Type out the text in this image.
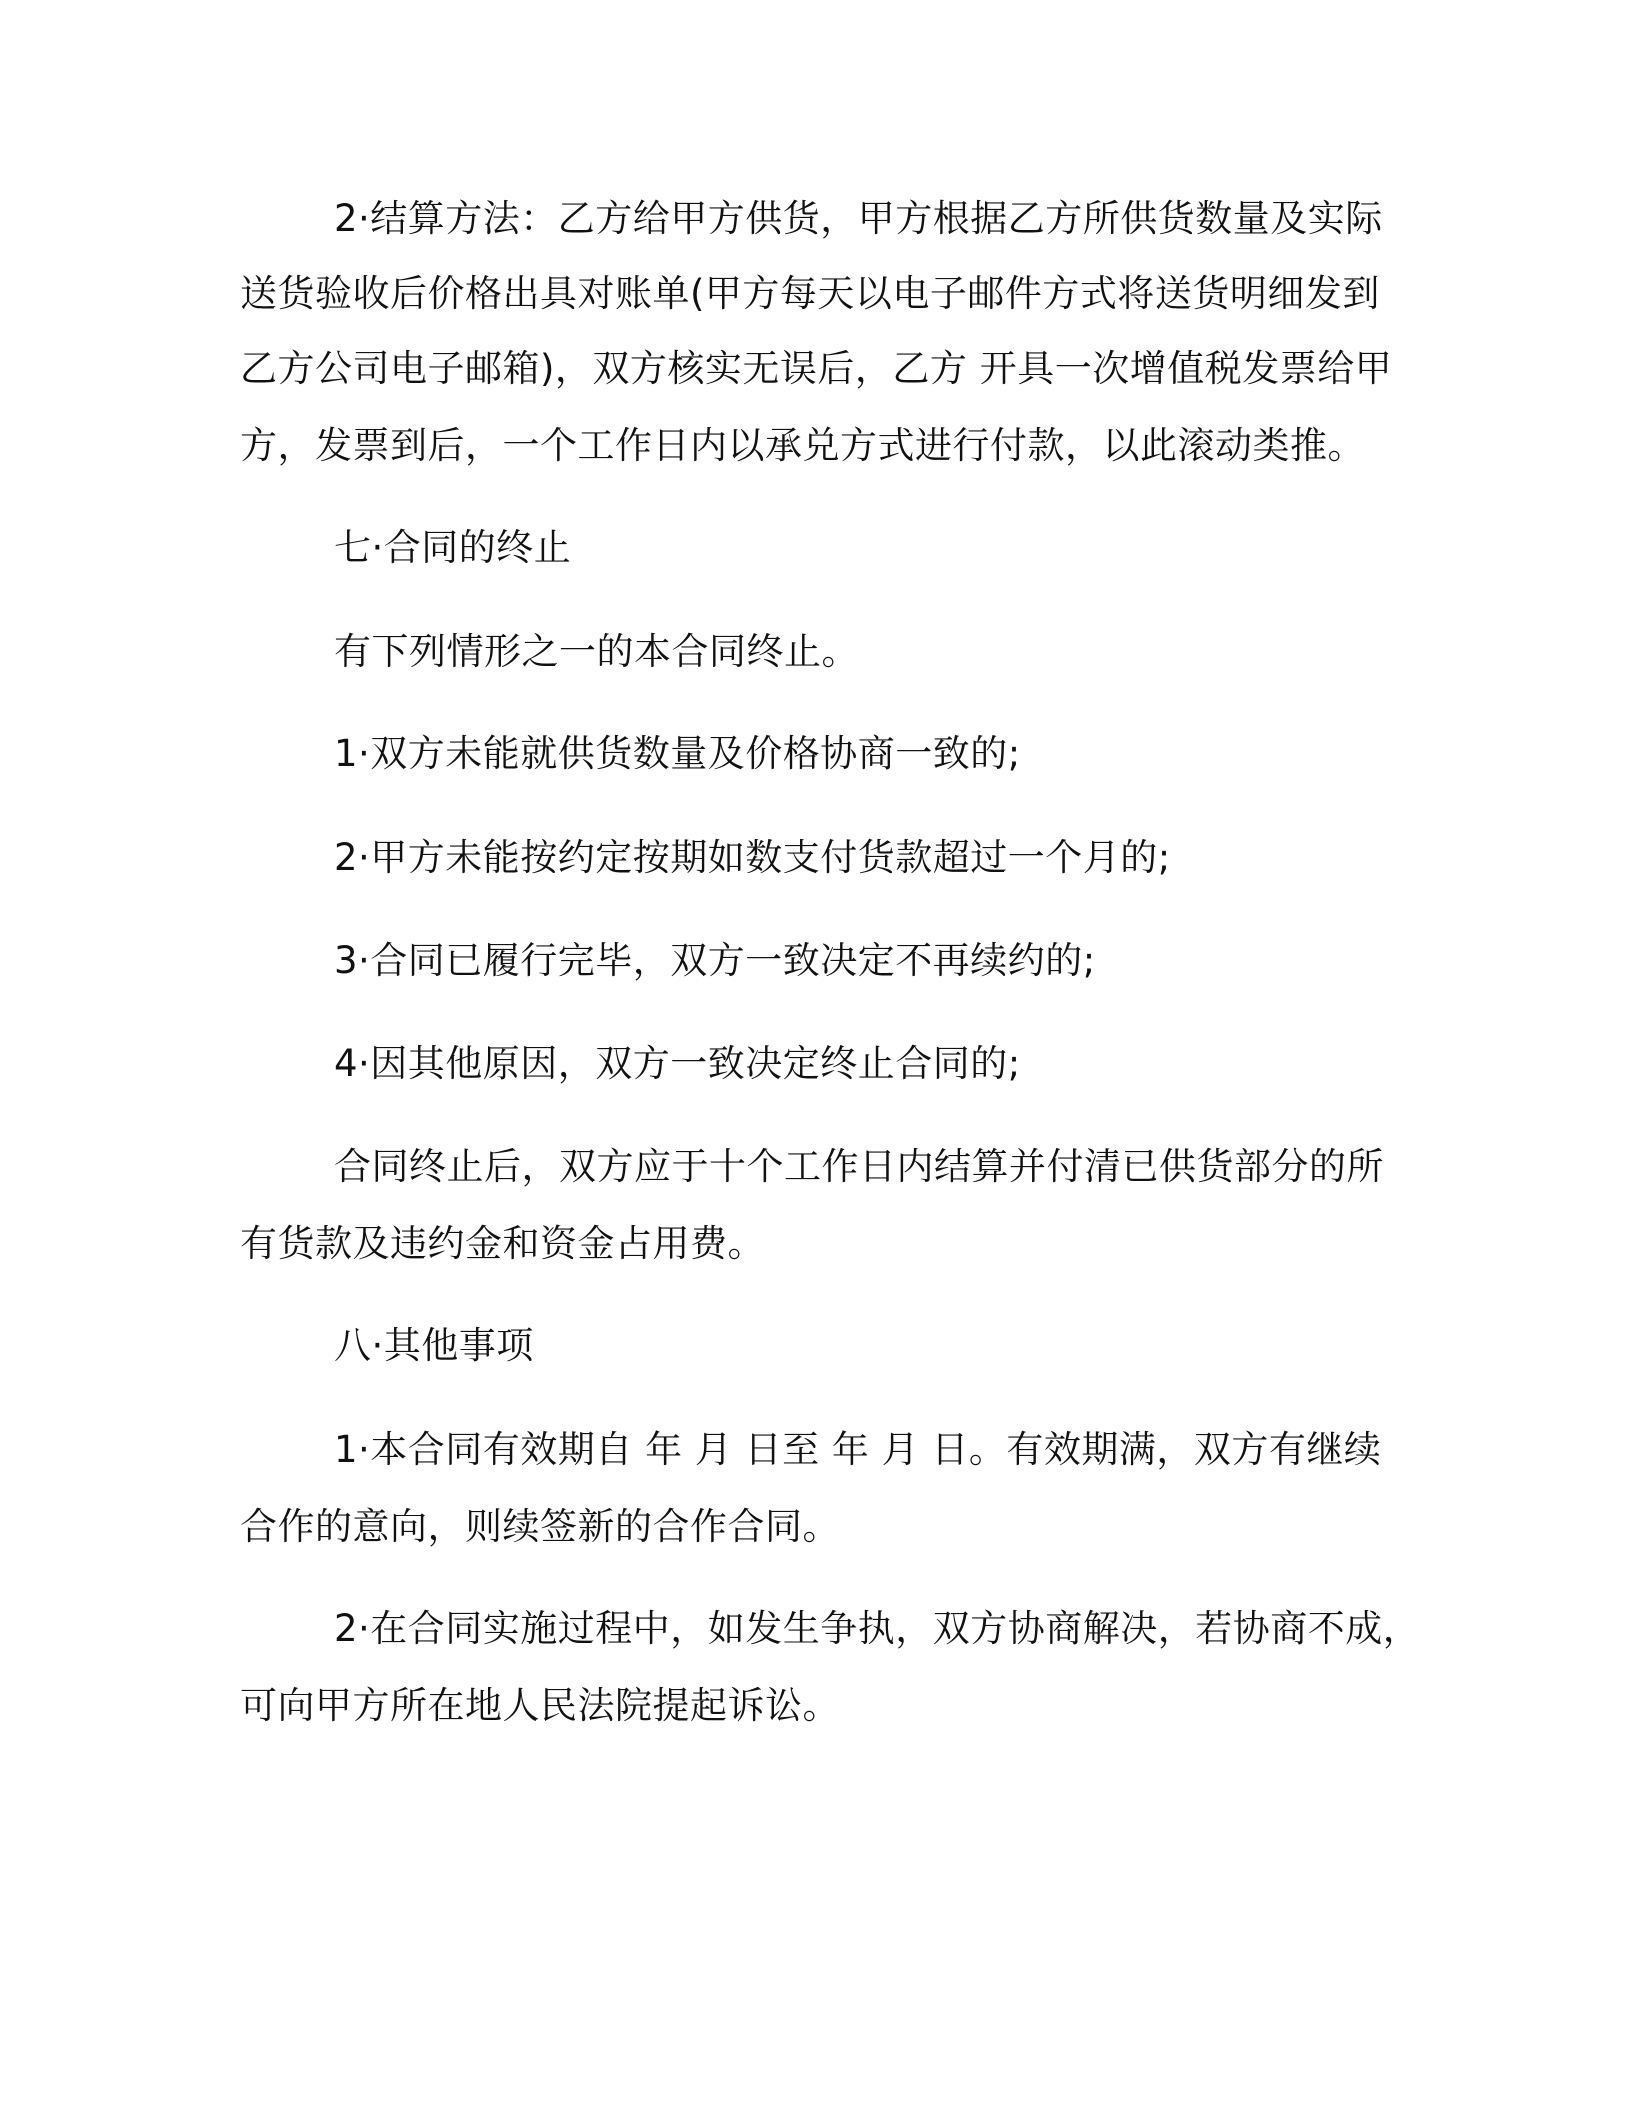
2·结算方法：乙方给甲方供货，甲方根据乙方所供货数量及实际

送货验收后价格出具对账单(甲方每天以电子邮件方式将送货明细发到

乙方公司电子邮箱)，双方核实无误后，乙方 开具一次增值税发票给甲

方，发票到后，一个工作日内以承兑方式进行付款，以此滚动类推。

七·合同的终止

有下列情形之一的本合同终止。

1·双方未能就供货数量及价格协商一致的;

2·甲方未能按约定按期如数支付货款超过一个月的;

3·合同已履行完毕，双方一致决定不再续约的;

4·因其他原因，双方一致决定终止合同的;

合同终止后，双方应于十个工作日内结算并付清已供货部分的所

有货款及违约金和资金占用费。

八·其他事项

1·本合同有效期自 年 月 日至 年 月 日。有效期满，双方有继续

合作的意向，则续签新的合作合同。

2·在合同实施过程中，如发生争执，双方协商解决，若协商不成，

可向甲方所在地人民法院提起诉讼。
